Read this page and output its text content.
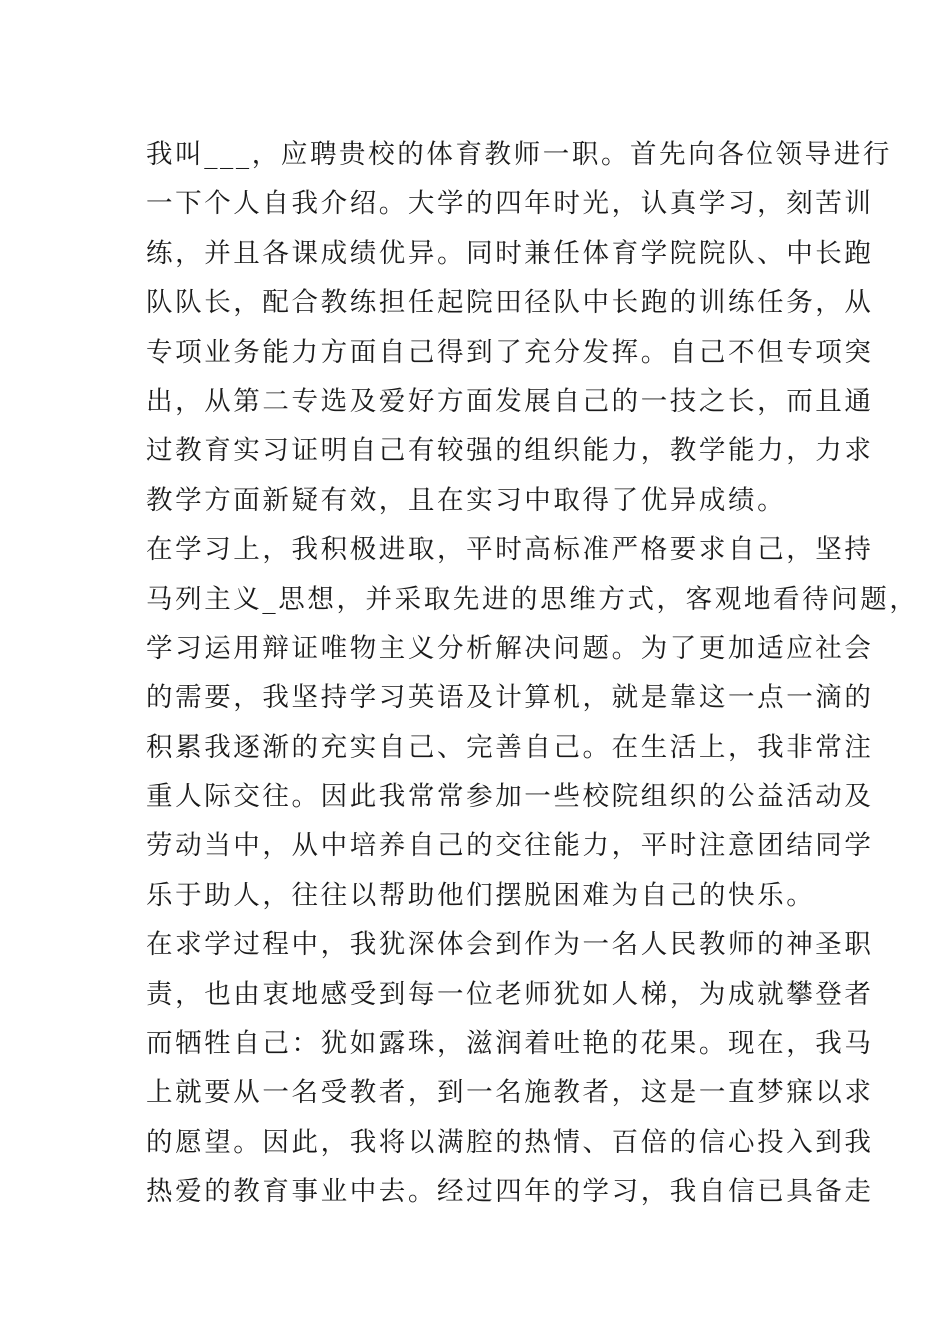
我叫___，应聘贵校的体育教师一职。首先向各位领导进行
一下个人自我介绍。大学的四年时光，认真学习，刻苦训
练，并且各课成绩优异。同时兼任体育学院院队、中长跑
队队长，配合教练担任起院田径队中长跑的训练任务，从
专项业务能力方面自己得到了充分发挥。自己不但专项突
出，从第二专选及爱好方面发展自己的一技之长，而且通
过教育实习证明自己有较强的组织能力，教学能力，力求
教学方面新疑有效，且在实习中取得了优异成绩。
在学习上，我积极进取，平时高标准严格要求自己，坚持
马列主义_思想，并采取先进的思维方式，客观地看待问题，
学习运用辩证唯物主义分析解决问题。为了更加适应社会
的需要，我坚持学习英语及计算机，就是靠这一点一滴的
积累我逐渐的充实自己、完善自己。在生活上，我非常注
重人际交往。因此我常常参加一些校院组织的公益活动及
劳动当中，从中培养自己的交往能力，平时注意团结同学
乐于助人，往往以帮助他们摆脱困难为自己的快乐。
在求学过程中，我犹深体会到作为一名人民教师的神圣职
责，也由衷地感受到每一位老师犹如人梯，为成就攀登者
而牺牲自己：犹如露珠，滋润着吐艳的花果。现在，我马
上就要从一名受教者，到一名施教者，这是一直梦寐以求
的愿望。因此，我将以满腔的热情、百倍的信心投入到我
热爱的教育事业中去。经过四年的学习，我自信已具备走
